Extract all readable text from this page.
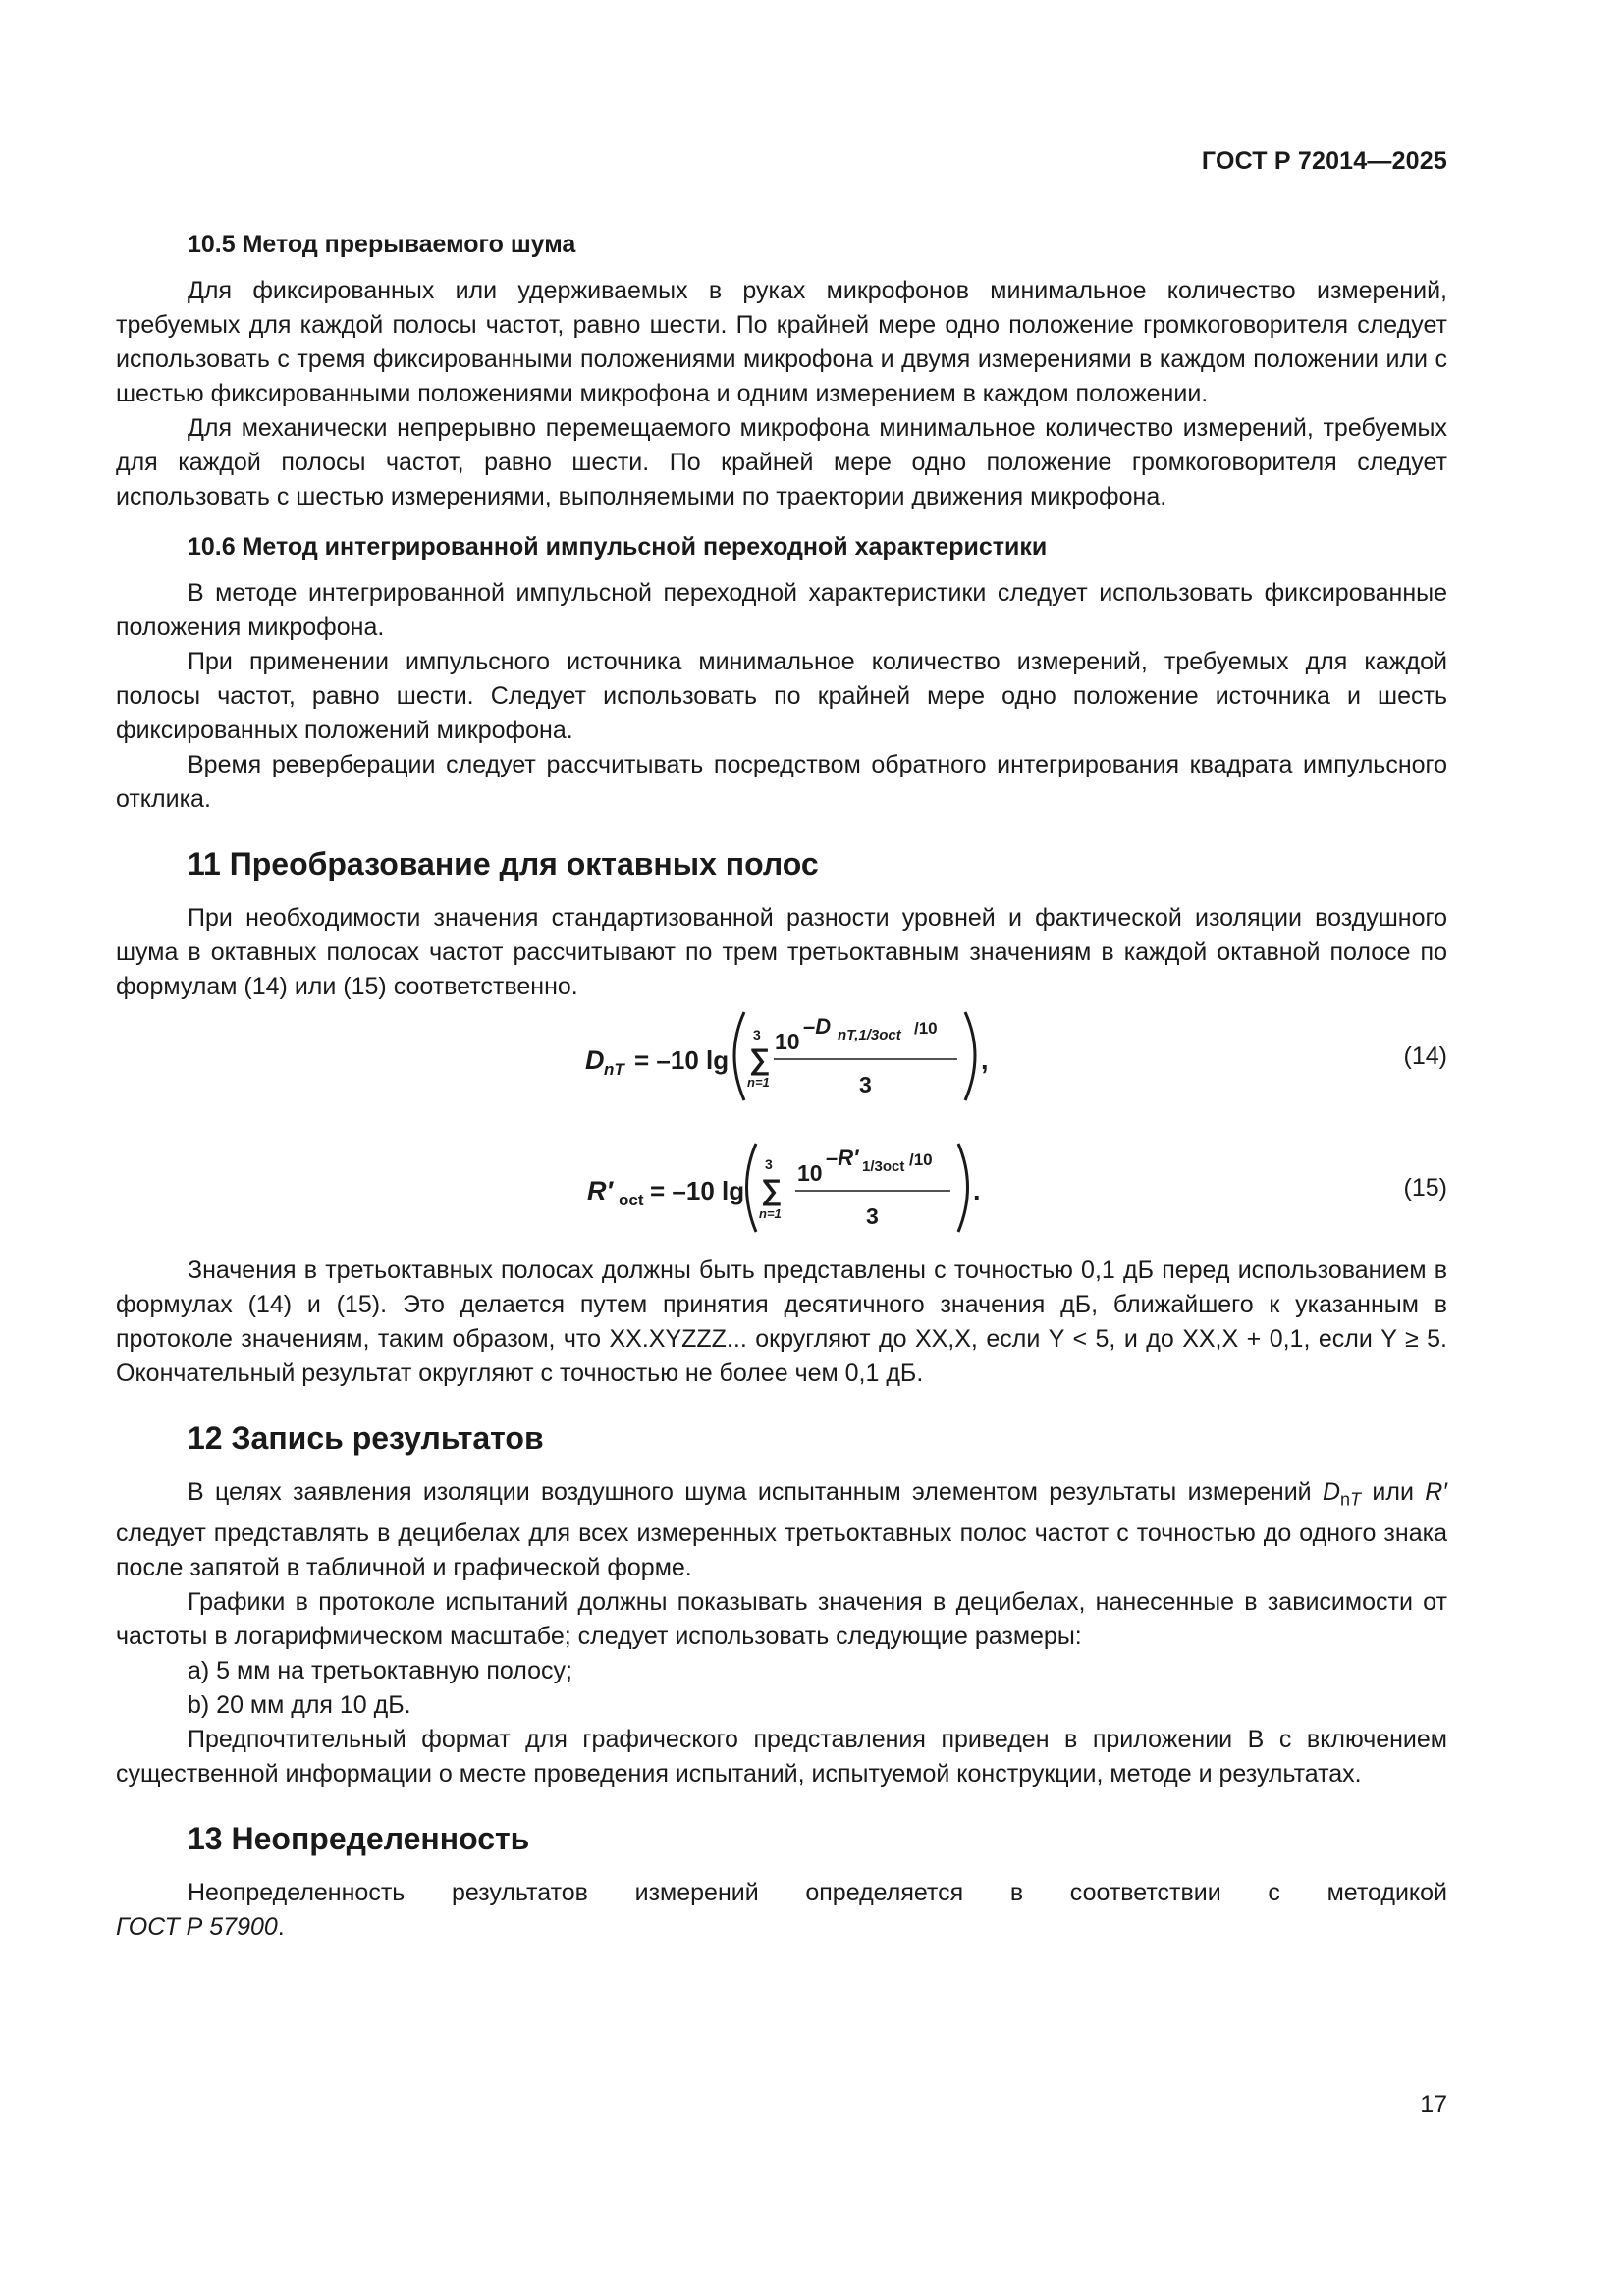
ГОСТ Р 72014—2025
10.5 Метод прерываемого шума

Для фиксированных или удерживаемых в руках микрофонов минимальное количество измерений, требуемых для каждой полосы частот, равно шести. По крайней мере одно положение громкоговорителя следует использовать с тремя фиксированными положениями микрофона и двумя измерениями в каждом положении или с шестью фиксированными положениями микрофона и одним измерением в каждом положении.

Для механически непрерывно перемещаемого микрофона минимальное количество измерений, требуемых для каждой полосы частот, равно шести. По крайней мере одно положение громкоговорителя следует использовать с шестью измерениями, выполняемыми по траектории движения микрофона.

10.6 Метод интегрированной импульсной переходной характеристики

В методе интегрированной импульсной переходной характеристики следует использовать фиксированные положения микрофона.

При применении импульсного источника минимальное количество измерений, требуемых для каждой полосы частот, равно шести. Следует использовать по крайней мере одно положение источника и шесть фиксированных положений микрофона.

Время реверберации следует рассчитывать посредством обратного интегрирования квадрата импульсного отклика.

11 Преобразование для октавных полос

При необходимости значения стандартизованной разности уровней и фактической изоляции воздушного шума в октавных полосах частот рассчитывают по трем третьоктавным значениям в каждой октавной полосе по формулам (14) или (15) соответственно.

D nT = –10 lg
3
∑
n=1
10
–D nT,1/3oct /10
3
,	(14)
R′ oct = –10 lg
3
∑
n=1
10
–R′ 1/3oct /10
3
.	(15)

Значения в третьоктавных полосах должны быть представлены с точностью 0,1 дБ перед использованием в формулах (14) и (15). Это делается путем принятия десятичного значения дБ, ближайшего к указанным в протоколе значениям, таким образом, что XX.XYZZZ... округляют до XX,X, если Y < 5, и до XX,X + 0,1, если Y ≥ 5. Окончательный результат округляют с точностью не более чем 0,1 дБ.

12 Запись результатов

В целях заявления изоляции воздушного шума испытанным элементом результаты измерений $D_{nT}$ или R′ следует представлять в децибелах для всех измеренных третьоктавных полос частот с точностью до одного знака после запятой в табличной и графической форме.

Графики в протоколе испытаний должны показывать значения в децибелах, нанесенные в зависимости от частоты в логарифмическом масштабе; следует использовать следующие размеры:

а) 5 мм на третьоктавную полосу;

b) 20 мм для 10 дБ.

Предпочтительный формат для графического представления приведен в приложении В с включением существенной информации о месте проведения испытаний, испытуемой конструкции, методе и результатах.

13 Неопределенность

Неопределенность результатов измерений определяется в соответствии с методикой

ГОСТ Р 57900.

17
